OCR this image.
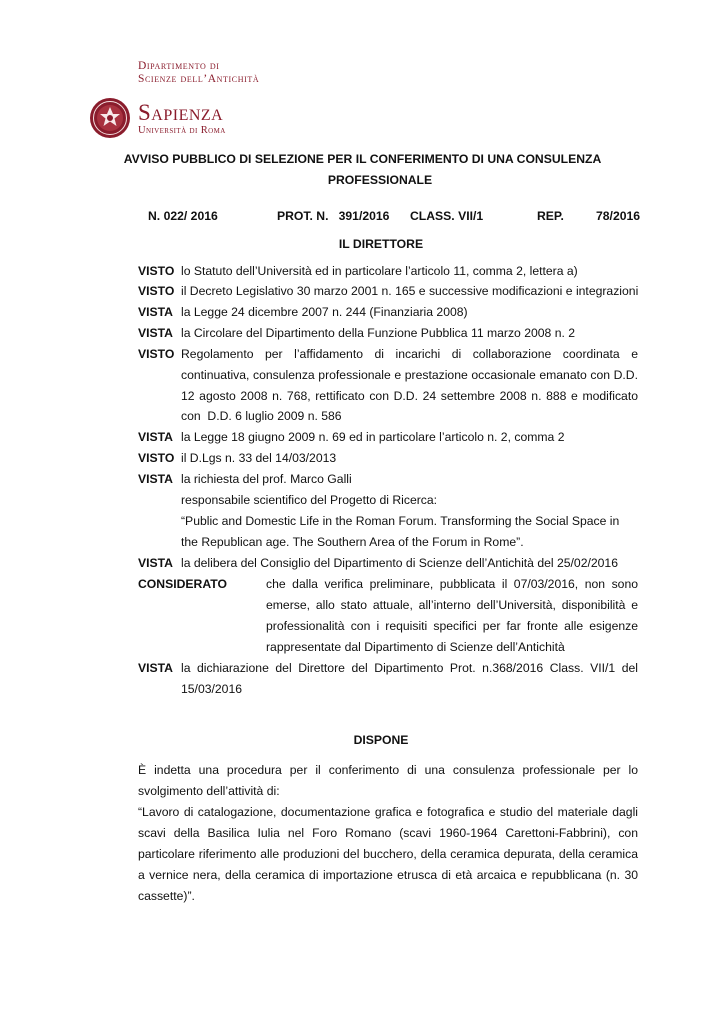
Dipartimento di
Scienze dell’Antichità
Sapienza
Università di Roma
AVVISO PUBBLICO DI SELEZIONE PER IL CONFERIMENTO DI UNA CONSULENZA
PROFESSIONALE
N. 022/ 2016	PROT. N.   391/2016 CLASS. VII/1	REP.	78/2016
IL DIRETTORE
VISTO lo Statuto dell’Università ed in particolare l’articolo 11, comma 2, lettera a)
VISTO il Decreto Legislativo 30 marzo 2001 n. 165 e successive modificazioni e integrazioni
VISTA la Legge 24 dicembre 2007 n. 244 (Finanziaria 2008)
VISTA la Circolare del Dipartimento della Funzione Pubblica 11 marzo 2008 n. 2
VISTO Regolamento per l’affidamento di incarichi di collaborazione coordinata e
continuativa, consulenza professionale e prestazione occasionale emanato con D.D.
12 agosto 2008 n. 768, rettificato con D.D. 24 settembre 2008 n. 888 e modificato
con  D.D. 6 luglio 2009 n. 586
VISTA la Legge 18 giugno 2009 n. 69 ed in particolare l’articolo n. 2, comma 2
VISTO il D.Lgs n. 33 del 14/03/2013
VISTA la richiesta del prof. Marco Galli
responsabile scientifico del Progetto di Ricerca:
“Public and Domestic Life in the Roman Forum. Transforming the Social Space in
the Republican age. The Southern Area of the Forum in Rome”.
VISTA la delibera del Consiglio del Dipartimento di Scienze dell’Antichità del 25/02/2016
CONSIDERATO	che dalla verifica preliminare, pubblicata il 07/03/2016, non sono
emerse, allo stato attuale, all’interno dell’Università, disponibilità e
professionalità con i requisiti specifici per far fronte alle esigenze
rappresentate dal Dipartimento di Scienze dell’Antichità
VISTA la dichiarazione del Direttore del Dipartimento Prot. n.368/2016 Class. VII/1 del
15/03/2016
DISPONE
È indetta una procedura per il conferimento di una consulenza professionale per lo
svolgimento dell’attività di:
“Lavoro di catalogazione, documentazione grafica e fotografica e studio del materiale dagli
scavi della Basilica Iulia nel Foro Romano (scavi 1960-1964 Carettoni-Fabbrini), con
particolare riferimento alle produzioni del bucchero, della ceramica depurata, della ceramica
a vernice nera, della ceramica di importazione etrusca di età arcaica e repubblicana (n. 30
cassette)”.
